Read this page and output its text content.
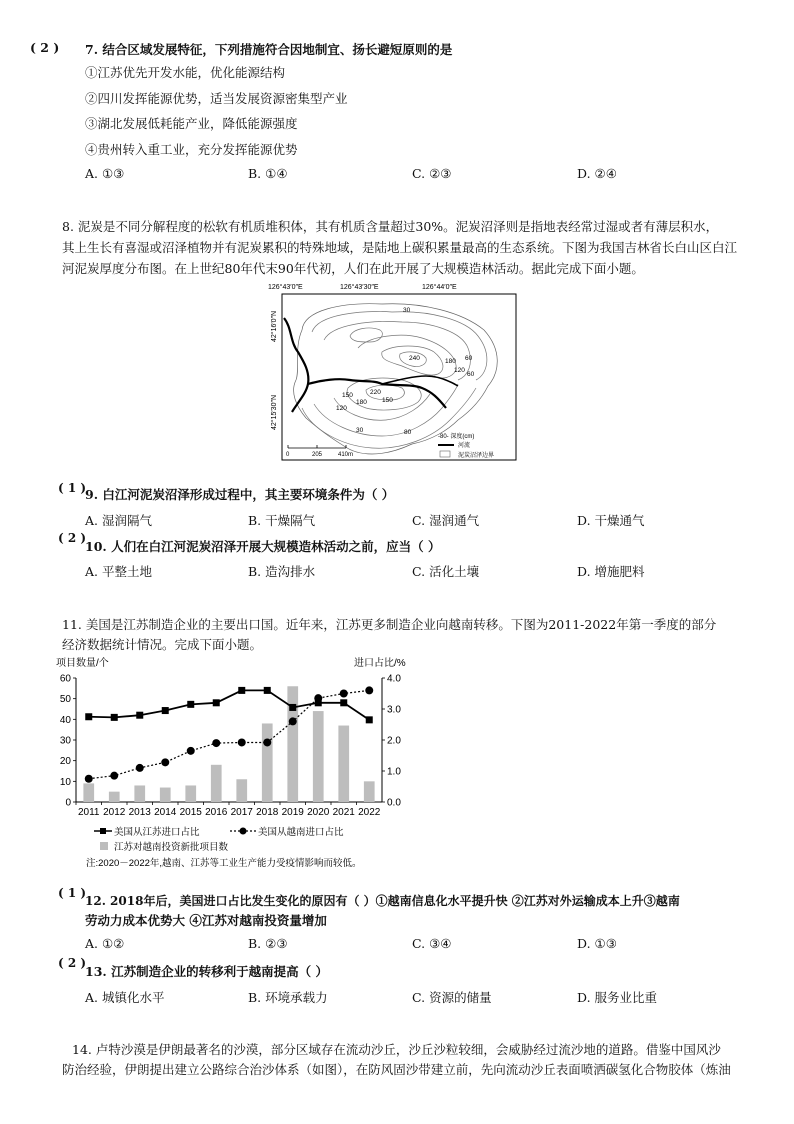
( 2 ) 7. 结合区域发展特征，下列措施符合因地制宜、扬长避短原则的是
①江苏优先开发水能，优化能源结构
②四川发挥能源优势，适当发展资源密集型产业
③湖北发展低耗能产业，降低能源强度
④贵州转入重工业，充分发挥能源优势
A. ①③	B. ①④	C. ②③	D. ②④
8. 泥炭是不同分解程度的松软有机质堆积体，其有机质含量超过30%。泥炭沼泽则是指地表经常过湿或者有薄层积水，
其上生长有喜湿或沼泽植物并有泥炭累积的特殊地域，是陆地上碳积累量最高的生态系统。下图为我国吉林省长白山区白江
河泥炭厚度分布图。在上世纪80年代末90年代初，人们在此开展了大规模造林活动。据此完成下面小题。
126°43′0″E	126°43′30″E	126°44′0″E
42°16′0″N
42°15′30″N
30
240	180
120
60
60
150	220
120
180 150
80
30
0	205	410m
-80- 深度(cm)
河流
泥炭沼泽边界
( 1 )
9. 白江河泥炭沼泽形成过程中，其主要环境条件为（ ）
A. 湿润隔气	B. 干燥隔气	C. 湿润通气	D. 干燥通气
( 2 )
10. 人们在白江河泥炭沼泽开展大规模造林活动之前，应当（ ）
A. 平整土地	B. 造沟排水	C. 活化土壤	D. 增施肥料
11. 美国是江苏制造企业的主要出口国。近年来，江苏更多制造企业向越南转移。下图为2011-2022年第一季度的部分
经济数据统计情况。完成下面小题。
项目数量/个	进口占比/%
0
10
20
30
40
50
60
0.0
1.0
2.0
3.0
4.0
2011 2012 2013 2014 2015 2016 2017 2018 2019 2020 2021 2022
美国从江苏进口占比	美国从越南进口占比
江苏对越南投资新批项目数
注:2020－2022年,越南、江苏等工业生产能力受疫情影响而较低。
( 1 )
12. 2018年后，美国进口占比发生变化的原因有（ ）①越南信息化水平提升快 ②江苏对外运输成本上升③越南
劳动力成本优势大 ④江苏对越南投资量增加
A. ①②	B. ②③	C. ③④	D. ①③
( 2 )
13. 江苏制造企业的转移利于越南提高（ ）
A. 城镇化水平	B. 环境承载力	C. 资源的储量	D. 服务业比重
14. 卢特沙漠是伊朗最著名的沙漠，部分区域存在流动沙丘，沙丘沙粒较细，会威胁经过流沙地的道路。借鉴中国风沙
防治经验，伊朗提出建立公路综合治沙体系（如图），在防风固沙带建立前，先向流动沙丘表面喷洒碳氢化合物胶体（炼油
